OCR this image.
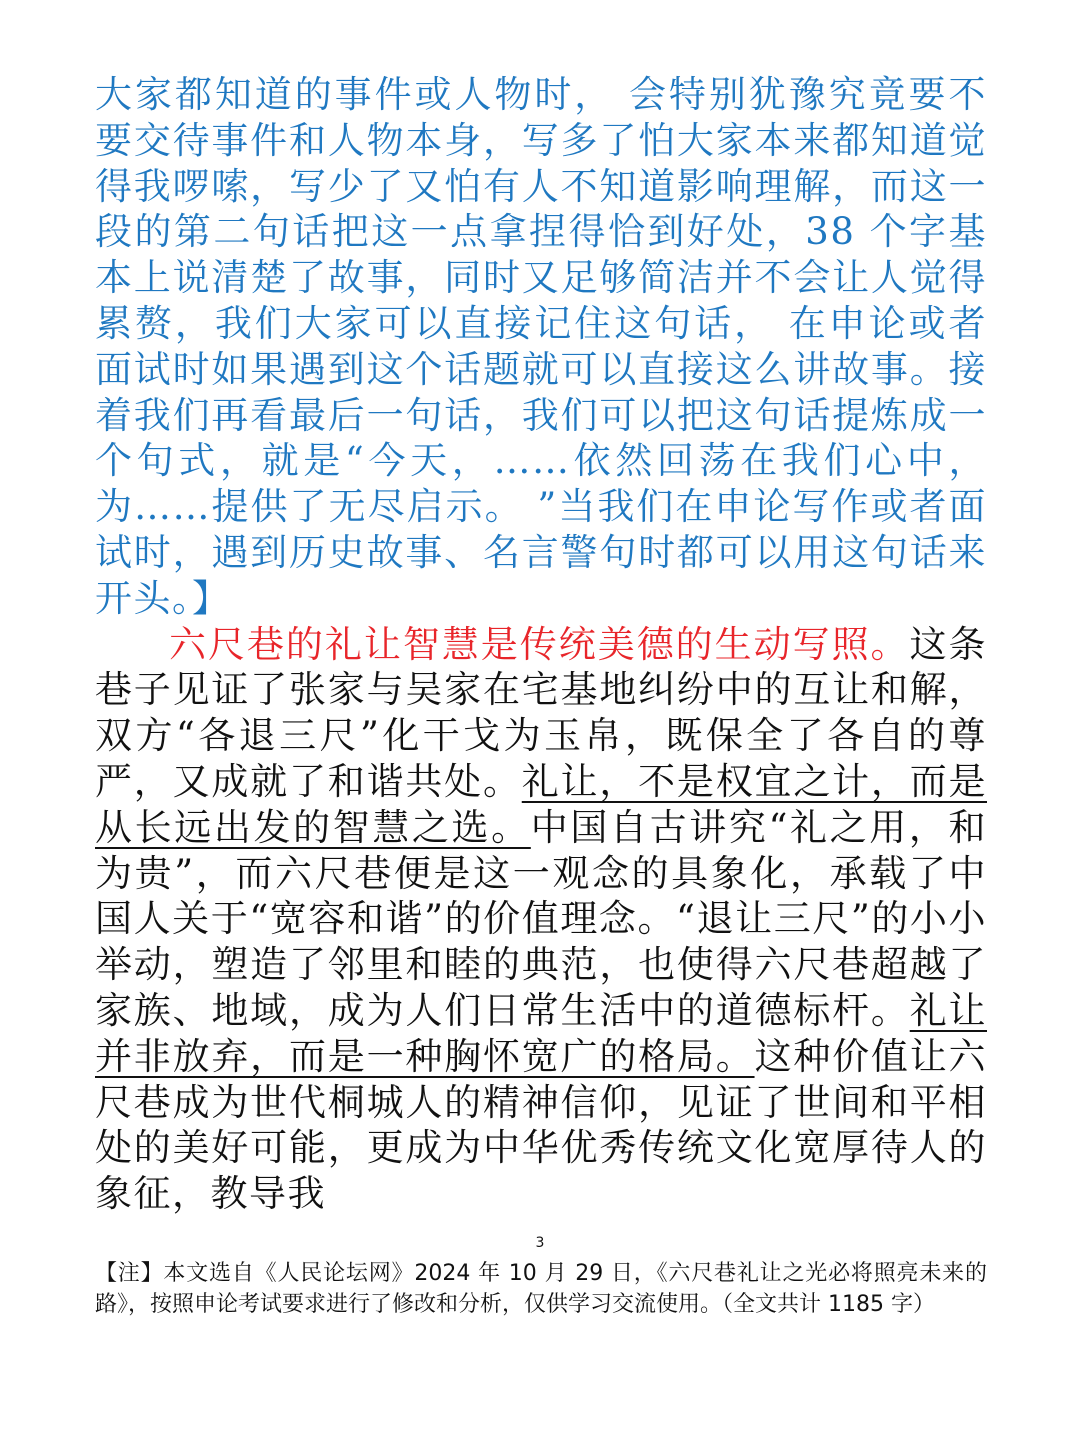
大家都知道的事件或人物时， 会特别犹豫究竟要不要交待事件和人物本身，写多了怕大家本来都知道觉得我啰嗦，写少了又怕有人不知道影响理解，而这一段的第二句话把这一点拿捏得恰到好处，38 个字基本上说清楚了故事，同时又足够简洁并不会让人觉得累赘，我们大家可以直接记住这句话， 在申论或者面试时如果遇到这个话题就可以直接这么讲故事。接着我们再看最后一句话，我们可以把这句话提炼成一个句式，就是“今天，……依然回荡在我们心中，为……提供了无尽启示。 ”当我们在申论写作或者面试时，遇到历史故事、名言警句时都可以用这句话来开头。】

六尺巷的礼让智慧是传统美德的生动写照。这条巷子见证了张家与吴家在宅基地纠纷中的互让和解，双方“各退三尺”化干戈为玉帛，既保全了各自的尊严，又成就了和谐共处。礼让，不是权宜之计，而是从长远出发的智慧之选。中国自古讲究“礼之用，和为贵”，而六尺巷便是这一观念的具象化，承载了中国人关于“宽容和谐”的价值理念。“退让三尺”的小小举动，塑造了邻里和睦的典范，也使得六尺巷超越了家族、地域，成为人们日常生活中的道德标杆。礼让并非放弃，而是一种胸怀宽广的格局。这种价值让六尺巷成为世代桐城人的精神信仰，见证了世间和平相处的美好可能，更成为中华优秀传统文化宽厚待人的象征，教导我

3
【注】本文选自《人民论坛网》2024 年 10 月 29 日，《六尺巷礼让之光必将照亮未来的路》，按照申论考试要求进行了修改和分析，仅供学习交流使用。（全文共计 1185 字）
